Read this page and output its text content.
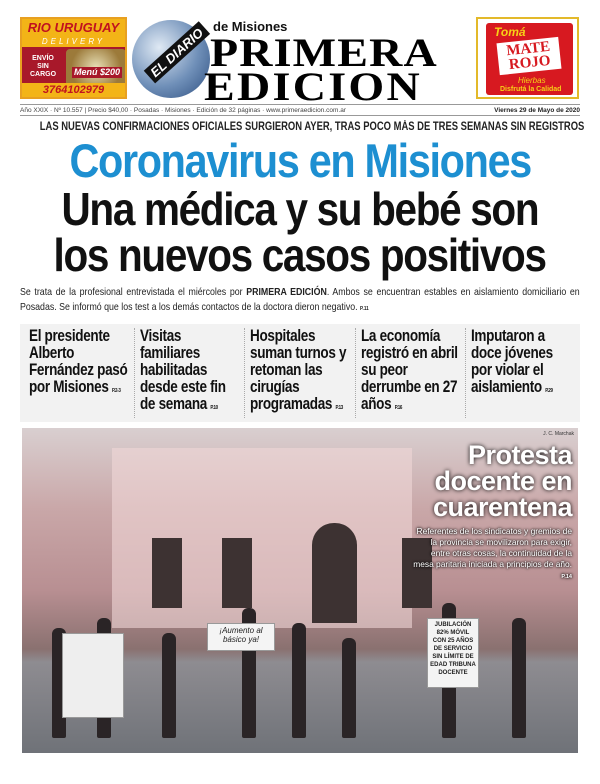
RIO URUGUAY
DELIVERY
ENVÍO SIN CARGO	Menú $200
3764102979
EL DIARIO de Misiones
PRIMERA
EDICION
Tomá
MATE ROJO
Hierbas
Disfrutá la Calidad
Año XXIX · Nº 10.557 | Precio $40,00 · Posadas · Misiones · Edición de 32 páginas · www.primeraedicion.com.ar	Viernes 29 de Mayo de 2020
LAS NUEVAS CONFIRMACIONES OFICIALES SURGIERON AYER, TRAS POCO MÁS DE TRES SEMANAS SIN REGISTROS
Coronavirus en Misiones
Una médica y su bebé son
los nuevos casos positivos
Se trata de la profesional entrevistada el miércoles por PRIMERA EDICIÓN. Ambos se encuentran estables en aislamiento domiciliario en Posadas. Se informó que los test a los demás contactos de la doctora dieron negativo. P.11
El presidente Alberto Fernández pasó por Misiones P.2-3
Visitas familiares habilitadas desde este fin de semana P.10
Hospitales suman turnos y retoman las cirugías programadas P.13
La economía registró en abril su peor derrumbe en 27 años P.16
Imputaron a doce jóvenes por violar el aislamiento P.29
¡Aumento al básico ya!
JUBILACIÓN 82% MÓVIL CON 25 AÑOS DE SERVICIO SIN LÍMITE DE EDAD TRIBUNA DOCENTE
J. C. Marchak
Protesta docente en cuarentena
Referentes de los sindicatos y gremios de la provincia se movilizaron para exigir, entre otras cosas, la continuidad de la mesa paritaria iniciada a principios de año. P.14
